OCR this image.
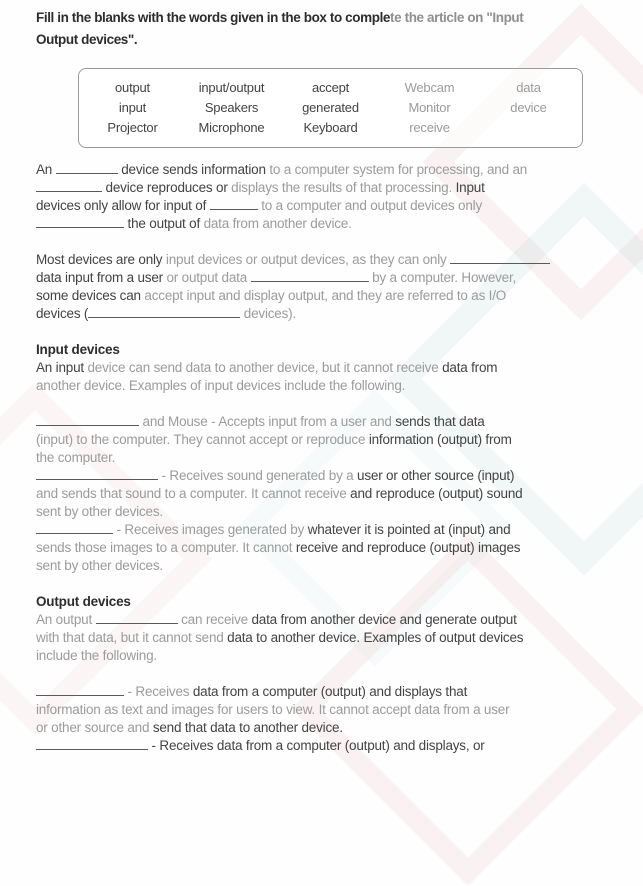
Fill in the blanks with the words given in the box to complete the article on "Input
Output devices".
output	input/output	accept	Webcam	data
input	Speakers	generated	Monitor	device
Projector	Microphone	Keyboard	receive
An	device sends information to a computer system for processing, and an
device reproduces or displays the results of that processing. Input
devices only allow for input of	to a computer and output devices only
the output of data from another device.
Most devices are only input devices or output devices, as they can only
data input from a user or output data	by a computer. However,
some devices can accept input and display output, and they are referred to as I/O
devices (	devices).
Input devices
An input device can send data to another device, but it cannot receive data from
another device. Examples of input devices include the following.
and Mouse - Accepts input from a user and sends that data
(input) to the computer. They cannot accept or reproduce information (output) from
the computer.
- Receives sound generated by a user or other source (input)
and sends that sound to a computer. It cannot receive and reproduce (output) sound
sent by other devices.
- Receives images generated by whatever it is pointed at (input) and
sends those images to a computer. It cannot receive and reproduce (output) images
sent by other devices.
Output devices
An output	can receive data from another device and generate output
with that data, but it cannot send data to another device. Examples of output devices
include the following.
- Receives data from a computer (output) and displays that
information as text and images for users to view. It cannot accept data from a user
or other source and send that data to another device.
- Receives data from a computer (output) and displays, or
